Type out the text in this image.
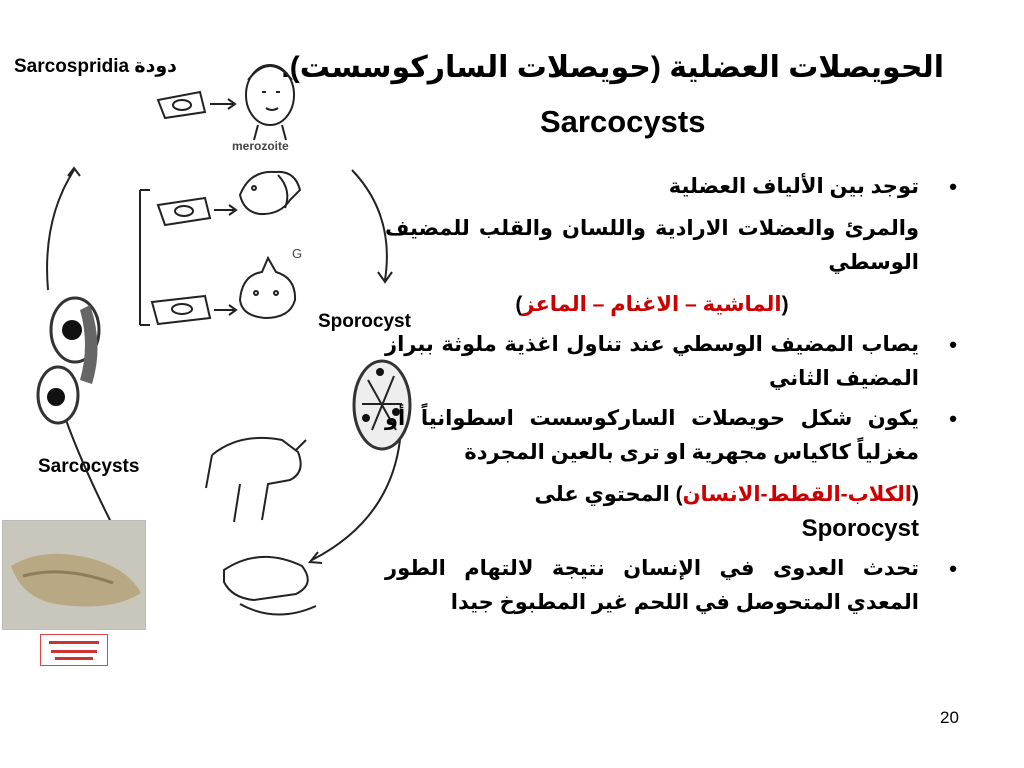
الحويصلات العضلية (حويصلات الساركوسست).
Sarcocysts
Sarcospridia دودة
Sporocyst
Sarcocysts
merozoite
G
•
توجد بين الألياف العضلية
والمرئ والعضلات الارادية واللسان والقلب للمضيف الوسطي
(الماشية – الاغنام – الماعز)
•
يصاب المضيف الوسطي عند تناول اغذية ملوثة ببراز المضيف الثاني
•
يكون شكل حويصلات الساركوسست اسطوانياً أو مغزلياً كاكياس مجهرية او ترى بالعين المجردة
(الكلاب-القطط-الانسان) المحتوي على
Sporocyst
•
تحدث العدوى في الإنسان نتيجة لالتهام الطور المعدي المتحوصل في اللحم غير المطبوخ جيدا
20
